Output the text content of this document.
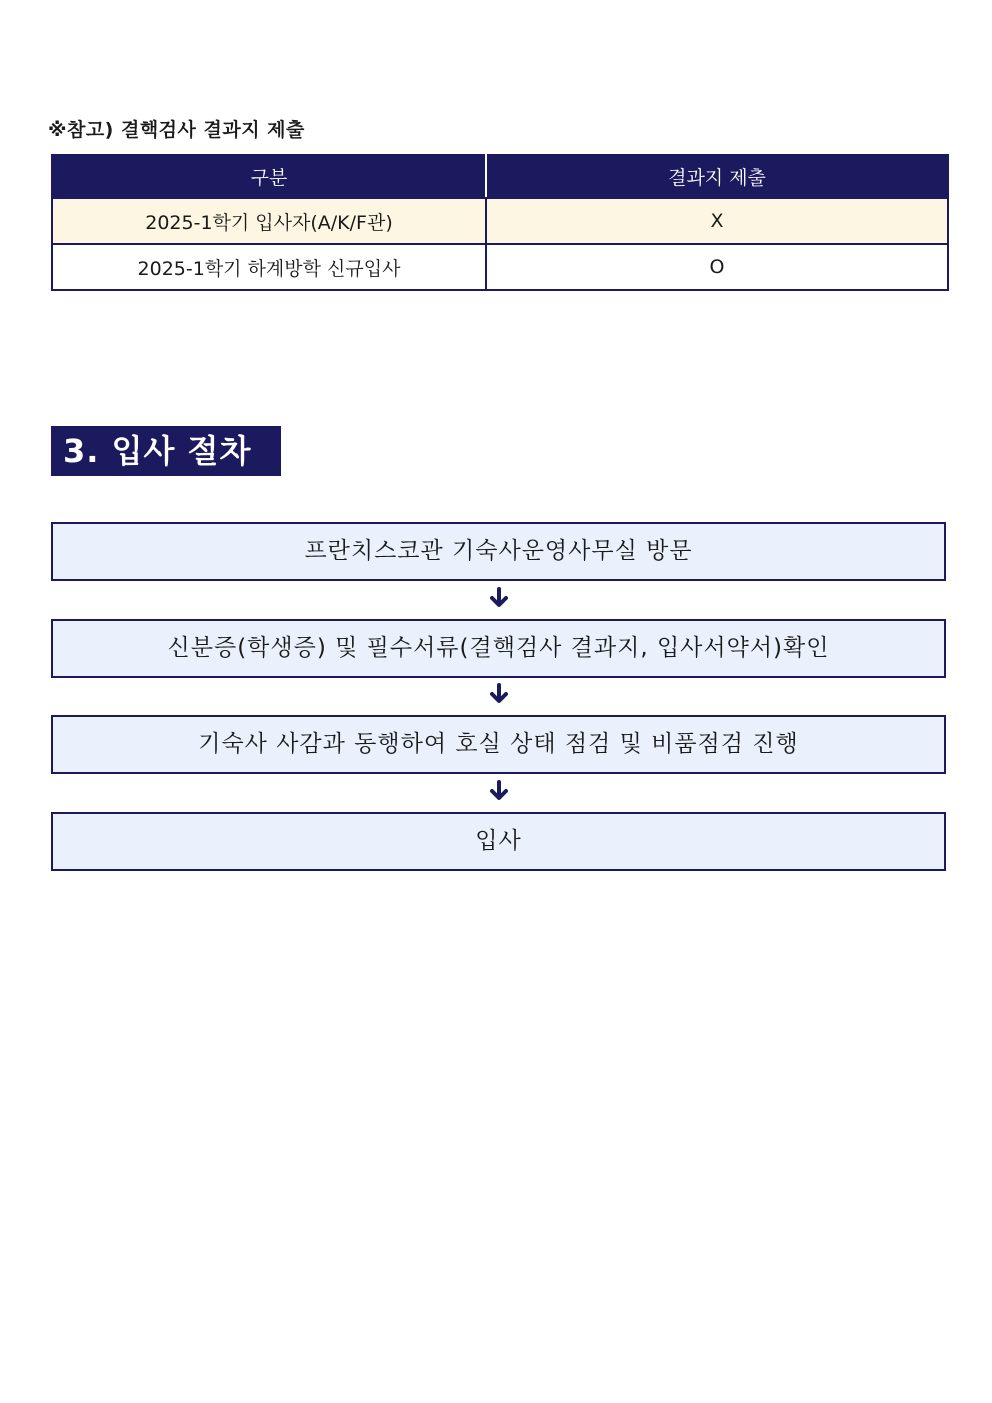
※참고) 결핵검사 결과지 제출
구분	결과지 제출
2025-1학기 입사자(A/K/F관)	X
2025-1학기 하계방학 신규입사	O
3. 입사 절차
프란치스코관 기숙사운영사무실 방문
신분증(학생증) 및 필수서류(결핵검사 결과지, 입사서약서)확인
기숙사 사감과 동행하여 호실 상태 점검 및 비품점검 진행
입사
